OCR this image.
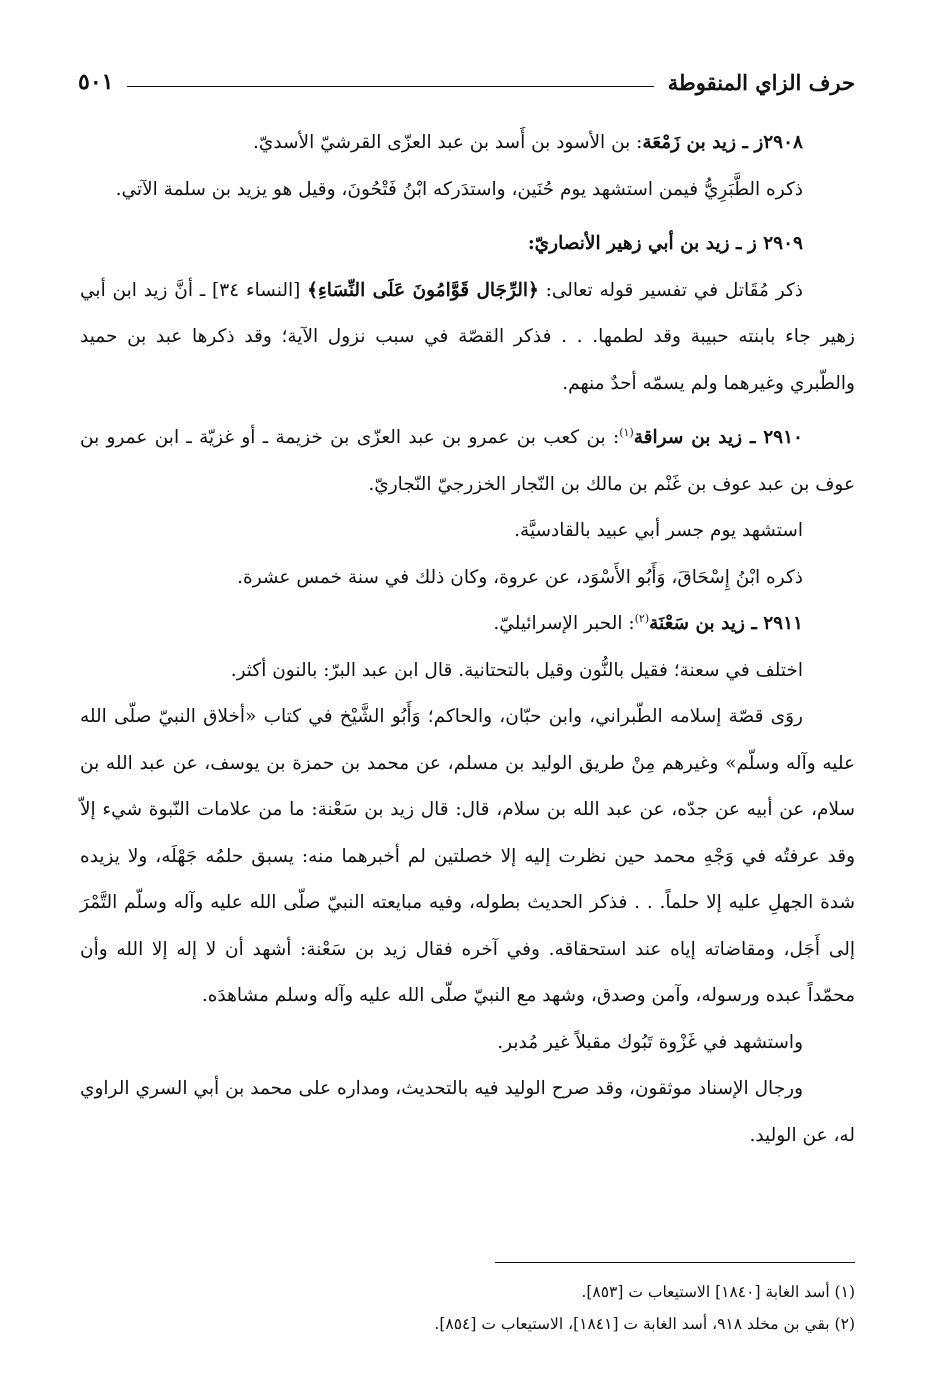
حرف الزاي المنقوطة
٥٠١

٢٩٠٨ز ـ زيد بن زَمْعَة: بن الأسود بن أَسد بن عبد العزّى القرشيّ الأسديّ.

ذكره الطَّبَرِيُّ فيمن استشهد يوم حُنَين، واستدَركه ابْنُ فَتْحُونَ، وقيل هو يزيد بن سلمة الآتي.

٢٩٠٩ ز ـ زيد بن أبي زهير الأنصاريّ:

ذكر مُقَاتل في تفسير قوله تعالى: ﴿الرِّجَال قَوَّامُونَ عَلَى النِّسَاءِ﴾ [النساء ٣٤] ـ أنَّ زيد ابن أبي زهير جاء بابنته حبيبة وقد لطمها. . . فذكر القصّة في سبب نزول الآية؛ وقد ذكرها عبد بن حميد والطّبري وغيرهما ولم يسمّه أحدٌ منهم.

٢٩١٠ ـ زيد بن سراقة$^{(١)}$: بن كعب بن عمرو بن عبد العزّى بن خزيمة ـ أو غزيّة ـ ابن عمرو بن عوف بن عبد عوف بن غَنْم بن مالك بن النّجار الخزرجيّ النّجاريّ.

استشهد يوم جسر أبي عبيد بالقادسيَّة.

ذكره ابْنُ إِسْحَاقَ، وَأَبُو الأَسْوَد، عن عروة، وكان ذلك في سنة خمس عشرة.

٢٩١١ ـ زيد بن سَعْنَة$^{(٢)}$: الحبر الإسرائيليّ.

اختلف في سعنة؛ فقيل بالنُّون وقيل بالتحتانية. قال ابن عبد البرّ: بالنون أكثر.

روَى قصّة إسلامه الطّبراني، وابن حبّان، والحاكم؛ وَأَبُو الشَّيْخ في كتاب «أخلاق النبيّ صلّى الله عليه وآله وسلّم» وغيرهم مِنْ طريق الوليد بن مسلم، عن محمد بن حمزة بن يوسف، عن عبد الله بن سلام، عن أبيه عن جدّه، عن عبد الله بن سلام، قال: قال زيد بن سَعْنة: ما من علامات النّبوة شيء إلاّ وقد عرفتُه في وَجْهِ محمد حين نظرت إليه إلا خصلتين لم أخبرهما منه: يسبق حلمُه جَهْلَه، ولا يزيده شدة الجهلِ عليه إلا حلماً. . . فذكر الحديث بطوله، وفيه مبايعته النبيّ صلّى الله عليه وآله وسلّم التَّمْرَ إلى أَجَل، ومقاضاته إياه عند استحقاقه. وفي آخره فقال زيد بن سَعْنة: أشهد أن لا إله إلا الله وأن محمّداً عبده ورسوله، وآمن وصدق، وشهد مع النبيّ صلّى الله عليه وآله وسلم مشاهدَه.

واستشهد في غَزْوة تَبُوك مقبلاً غير مُدبر.

ورجال الإسناد موثقون، وقد صرح الوليد فيه بالتحديث، ومداره على محمد بن أبي السري الراوي له، عن الوليد.

(١) أسد الغابة [١٨٤٠] الاستيعاب ت [٨٥٣].

(٢) بقي بن مخلد ٩١٨، أسد الغابة ت [١٨٤١]، الاستيعاب ت [٨٥٤].
